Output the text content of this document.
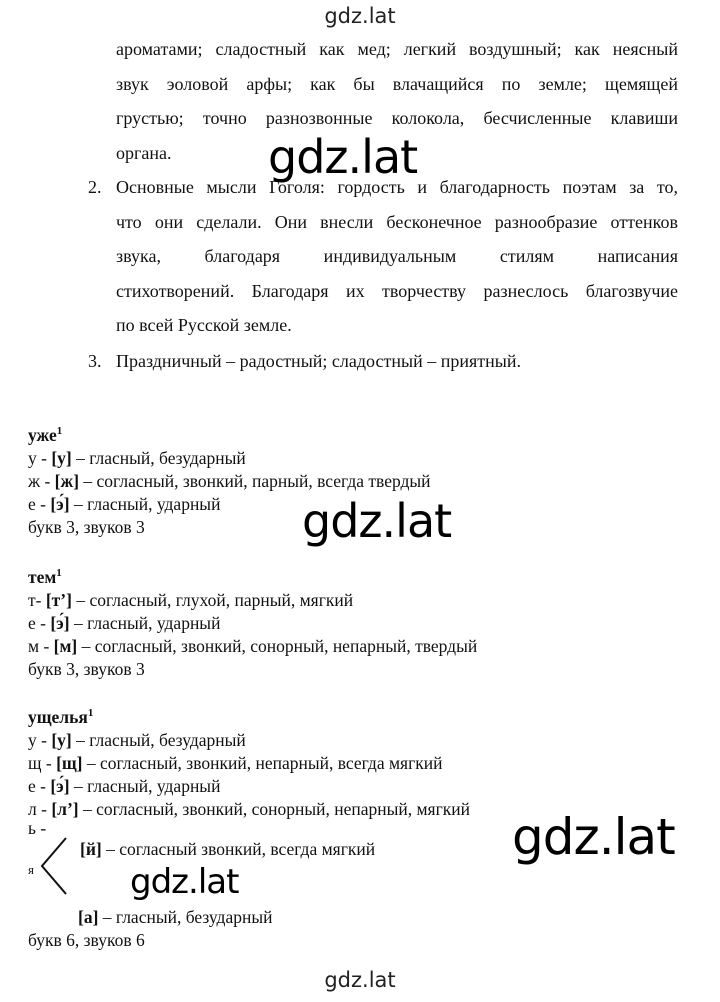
gdz.lat
ароматами; сладостный как мед; легкий воздушный; как неясный
звук эоловой арфы; как бы влачащийся по земле; щемящей
грустью; точно разнозвонные колокола, бесчисленные клавиши
органа.
2. Основные мысли Гоголя: гордость и благодарность поэтам за то,
что они сделали. Они внесли бесконечное разнообразие оттенков
звука, благодаря индивидуальным стилям написания
стихотворений. Благодаря их творчеству разнеслось благозвучие
по всей Русской земле.
3. Праздничный – радостный; сладостный – приятный.
уже$^1$
у - [у] – гласный, безударный
ж - [ж] – согласный, звонкий, парный, всегда твердый
е - [э́] – гласный, ударный
букв 3, звуков 3
тем$^1$
т- [т’] – согласный, глухой, парный, мягкий
е - [э́] – гласный, ударный
м - [м] – согласный, звонкий, сонорный, непарный, твердый
букв 3, звуков 3
ущелья$^1$
у - [у] – гласный, безударный
щ - [щ] – согласный, звонкий, непарный, всегда мягкий
е - [э́] – гласный, ударный
л - [л’] – согласный, звонкий, сонорный, непарный, мягкий
ь -
[й] – согласный звонкий, всегда мягкий
я
[а] – гласный, безударный
букв 6, звуков 6
gdz.lat
gdz.lat
gdz.lat
gdz.lat
gdz.lat
